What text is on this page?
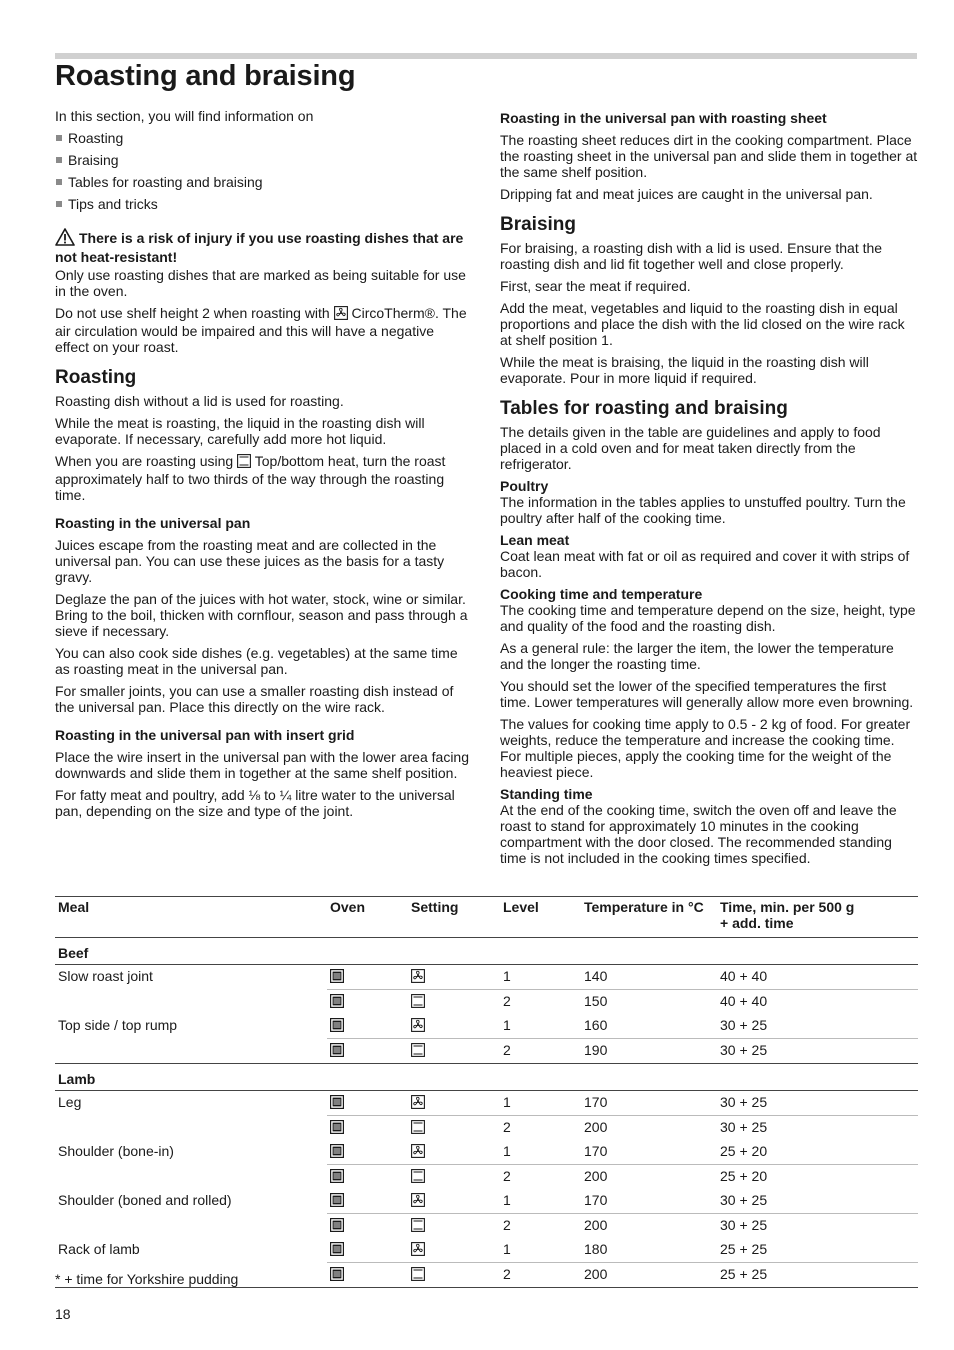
Roasting and braising

In this section, you will find information on

Roasting
Braising
Tables for roasting and braising
Tips and tricks
There is a risk of injury if you use roasting dishes that are not heat-resistant!

Only use roasting dishes that are marked as being suitable for use in the oven.

Do not use shelf height 2 when roasting with CircoTherm®. The air circulation would be impaired and this will have a negative effect on your roast.

Roasting

Roasting dish without a lid is used for roasting.

While the meat is roasting, the liquid in the roasting dish will evaporate. If necessary, carefully add more hot liquid.

When you are roasting using Top/bottom heat, turn the roast approximately half to two thirds of the way through the roasting time.

Roasting in the universal pan

Juices escape from the roasting meat and are collected in the universal pan. You can use these juices as the basis for a tasty gravy.

Deglaze the pan of the juices with hot water, stock, wine or similar. Bring to the boil, thicken with cornflour, season and pass through a sieve if necessary.

You can also cook side dishes (e.g. vegetables) at the same time as roasting meat in the universal pan.

For smaller joints, you can use a smaller roasting dish instead of the universal pan. Place this directly on the wire rack.

Roasting in the universal pan with insert grid

Place the wire insert in the universal pan with the lower area facing downwards and slide them in together at the same shelf position.

For fatty meat and poultry, add ⅛ to ¼ litre water to the universal pan, depending on the size and type of the joint.

Roasting in the universal pan with roasting sheet

The roasting sheet reduces dirt in the cooking compartment. Place the roasting sheet in the universal pan and slide them in together at the same shelf position.

Dripping fat and meat juices are caught in the universal pan.

Braising

For braising, a roasting dish with a lid is used. Ensure that the roasting dish and lid fit together well and close properly.

First, sear the meat if required.

Add the meat, vegetables and liquid to the roasting dish in equal proportions and place the dish with the lid closed on the wire rack at shelf position 1.

While the meat is braising, the liquid in the roasting dish will evaporate. Pour in more liquid if required.

Tables for roasting and braising

The details given in the table are guidelines and apply to food placed in a cold oven and for meat taken directly from the refrigerator.

Poultry

The information in the tables applies to unstuffed poultry. Turn the poultry after half of the cooking time.

Lean meat

Coat lean meat with fat or oil as required and cover it with strips of bacon.

Cooking time and temperature

The cooking time and temperature depend on the size, height, type and quality of the food and the roasting dish.

As a general rule: the larger the item, the lower the temperature and the longer the roasting time.

You should set the lower of the specified temperatures the first time. Lower temperatures will generally allow more even browning.

The values for cooking time apply to 0.5 - 2 kg of food. For greater weights, reduce the temperature and increase the cooking time. For multiple pieces, apply the cooking time for the weight of the heaviest piece.

Standing time

At the end of the cooking time, switch the oven off and leave the roast to stand for approximately 10 minutes in the cooking compartment with the door closed. The recommended standing time is not included in the cooking times specified.

Meal	Oven	Setting	Level	Temperature in °C	Time, min. per 500 g
+ add. time
Beef					
Slow roast joint			1	140	40 + 40
			2	150	40 + 40
Top side / top rump			1	160	30 + 25
			2	190	30 + 25
Lamb					
Leg			1	170	30 + 25
			2	200	30 + 25
Shoulder (bone-in)			1	170	25 + 20
			2	200	25 + 20
Shoulder (boned and rolled)			1	170	30 + 25
			2	200	30 + 25
Rack of lamb			1	180	25 + 25
			2	200	25 + 25
* + time for Yorkshire pudding
18
